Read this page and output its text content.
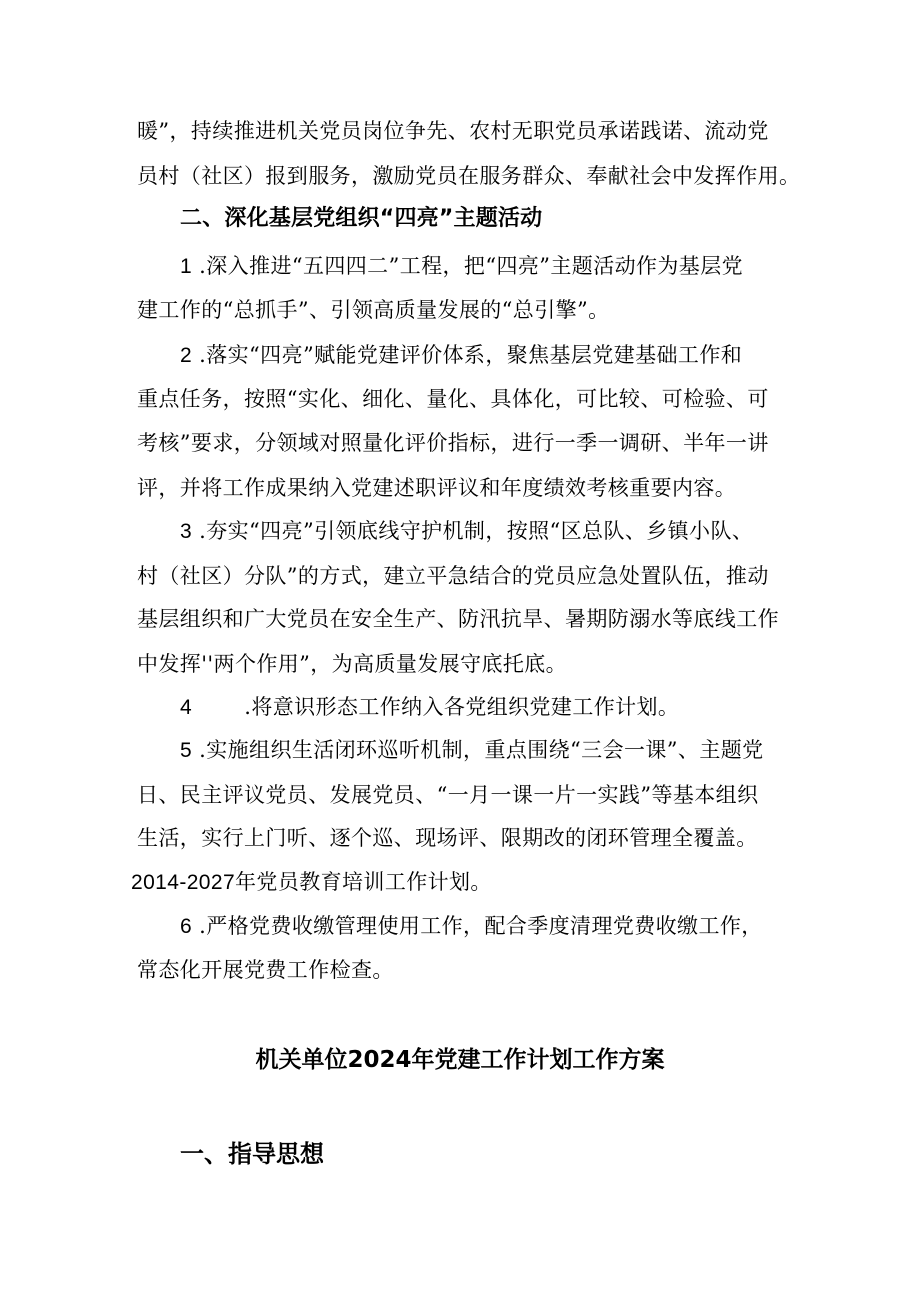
暖”，持续推进机关党员岗位争先、农村无职党员承诺践诺、流动党
员村（社区）报到服务，激励党员在服务群众、奉献社会中发挥作用。
二、深化基层党组织“四亮”主题活动
1 .深入推进“五四四二”工程，把“四亮”主题活动作为基层党
建工作的“总抓手”、引领高质量发展的“总引擎”。
2 .落实“四亮”赋能党建评价体系，聚焦基层党建基础工作和
重点任务，按照“实化、细化、量化、具体化，可比较、可检验、可
考核”要求，分领域对照量化评价指标，进行一季一调研、半年一讲
评，并将工作成果纳入党建述职评议和年度绩效考核重要内容。
3 .夯实“四亮”引领底线守护机制，按照“区总队、乡镇小队、
村（社区）分队”的方式，建立平急结合的党员应急处置队伍，推动
基层组织和广大党员在安全生产、防汛抗旱、暑期防溺水等底线工作
中发挥''两个作用”，为高质量发展守底托底。
4 .将意识形态工作纳入各党组织党建工作计划。
5 .实施组织生活闭环巡听机制，重点围绕“三会一课”、主题党
日、民主评议党员、发展党员、“一月一课一片一实践”等基本组织
生活，实行上门听、逐个巡、现场评、限期改的闭环管理全覆盖。
2014-2027年党员教育培训工作计划。
6 .严格党费收缴管理使用工作，配合季度清理党费收缴工作，
常态化开展党费工作检查。
机关单位2024年党建工作计划工作方案
一、指导思想
